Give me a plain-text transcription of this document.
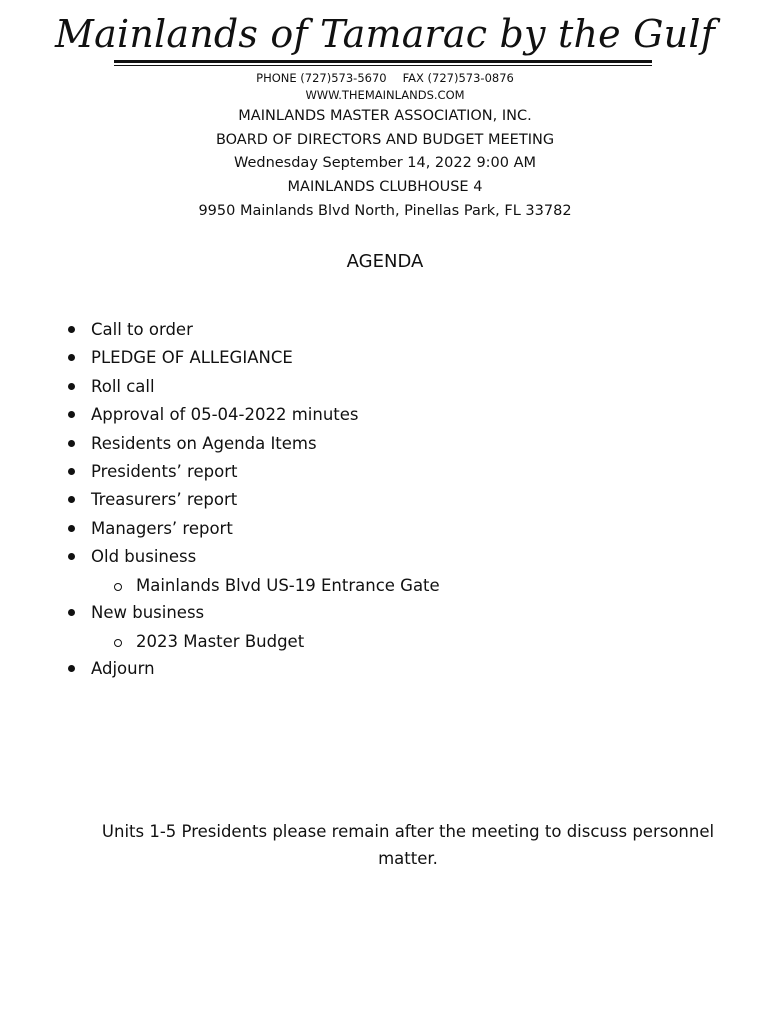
Mainlands of Tamarac by the Gulf
PHONE (727)573-5670 FAX (727)573-0876
WWW.THEMAINLANDS.COM
MAINLANDS MASTER ASSOCIATION, INC.
BOARD OF DIRECTORS AND BUDGET MEETING
Wednesday September 14, 2022 9:00 AM
MAINLANDS CLUBHOUSE 4
9950 Mainlands Blvd North, Pinellas Park, FL 33782
AGENDA
Call to order
PLEDGE OF ALLEGIANCE
Roll call
Approval of 05-04-2022 minutes
Residents on Agenda Items
Presidents’ report
Treasurers’ report
Managers’ report
Old business
Mainlands Blvd US-19 Entrance Gate
New business
2023 Master Budget
Adjourn
Units 1-5 Presidents please remain after the meeting to discuss personnel matter.
